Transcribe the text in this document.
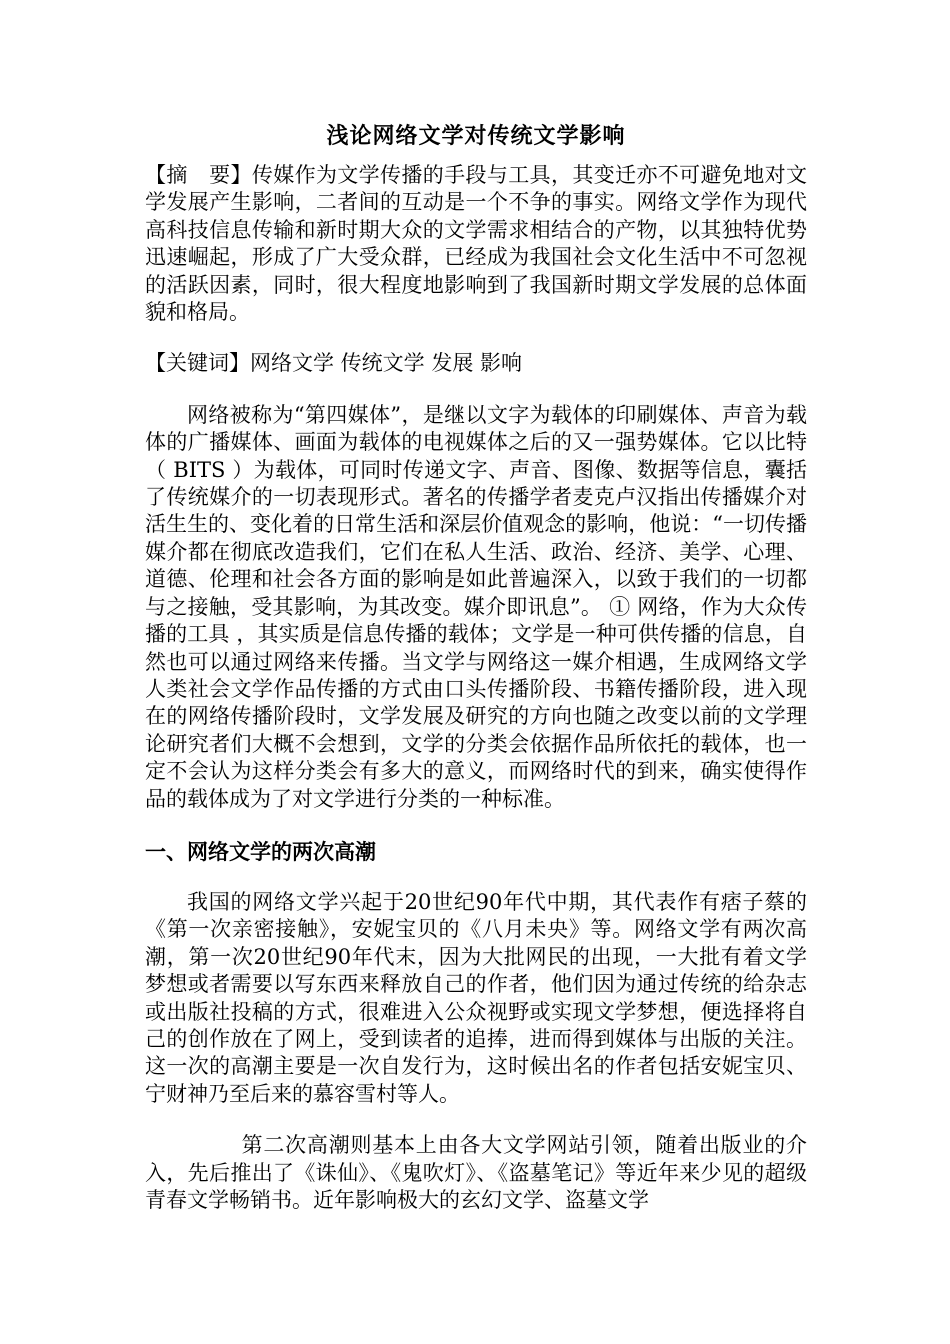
浅论网络文学对传统文学影响

【摘　要】传媒作为文学传播的手段与工具，其变迁亦不可避免地对文学发展产生影响，二者间的互动是一个不争的事实。网络文学作为现代高科技信息传输和新时期大众的文学需求相结合的产物，以其独特优势迅速崛起，形成了广大受众群，已经成为我国社会文化生活中不可忽视的活跃因素，同时，很大程度地影响到了我国新时期文学发展的总体面貌和格局。

【关键词】网络文学 传统文学 发展 影响

网络被称为“第四媒体”，是继以文字为载体的印刷媒体、声音为载体的广播媒体、画面为载体的电视媒体之后的又一强势媒体。它以比特（ BITS ）为载体，可同时传递文字、声音、图像、数据等信息，囊括了传统媒介的一切表现形式。著名的传播学者麦克卢汉指出传播媒介对活生生的、变化着的日常生活和深层价值观念的影响，他说：“一切传播媒介都在彻底改造我们，它们在私人生活、政治、经济、美学、心理、道德、伦理和社会各方面的影响是如此普遍深入，以致于我们的一切都与之接触，受其影响，为其改变。媒介即讯息”。 ① 网络，作为大众传播的工具 ，其实质是信息传播的载体；文学是一种可供传播的信息，自然也可以通过网络来传播。当文学与网络这一媒介相遇，生成网络文学人类社会文学作品传播的方式由口头传播阶段、书籍传播阶段，进入现在的网络传播阶段时，文学发展及研究的方向也随之改变以前的文学理论研究者们大概不会想到，文学的分类会依据作品所依托的载体，也一定不会认为这样分类会有多大的意义，而网络时代的到来，确实使得作品的载体成为了对文学进行分类的一种标准。

一、网络文学的两次高潮

我国的网络文学兴起于20世纪90年代中期，其代表作有痞子蔡的《第一次亲密接触》，安妮宝贝的《八月未央》等。网络文学有两次高潮，第一次20世纪90年代末，因为大批网民的出现，一大批有着文学梦想或者需要以写东西来释放自己的作者，他们因为通过传统的给杂志或出版社投稿的方式，很难进入公众视野或实现文学梦想，便选择将自己的创作放在了网上，受到读者的追捧，进而得到媒体与出版的关注。这一次的高潮主要是一次自发行为，这时候出名的作者包括安妮宝贝、宁财神乃至后来的慕容雪村等人。

第二次高潮则基本上由各大文学网站引领，随着出版业的介入，先后推出了《诛仙》、《鬼吹灯》、《盗墓笔记》等近年来少见的超级青春文学畅销书。近年影响极大的玄幻文学、盗墓文学
